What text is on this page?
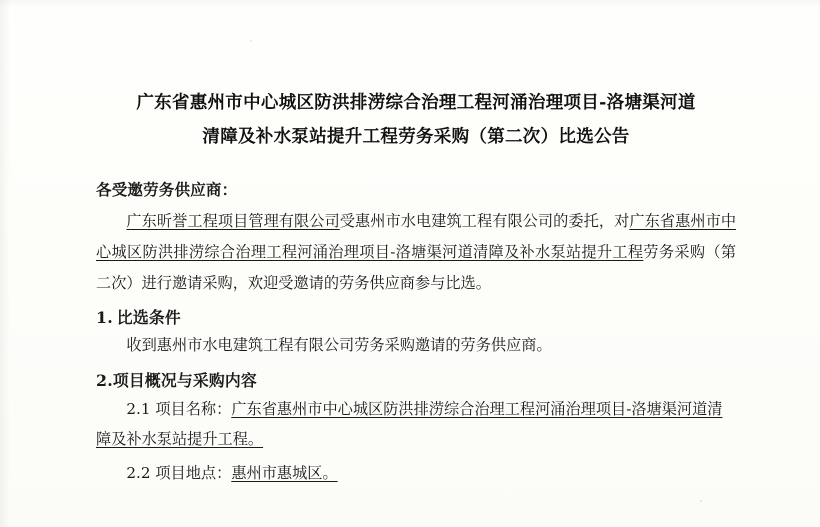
广东省惠州市中心城区防洪排涝综合治理工程河涌治理项目-洛塘渠河道
清障及补水泵站提升工程劳务采购（第二次）比选公告
各受邀劳务供应商：
广东昕誉工程项目管理有限公司受惠州市水电建筑工程有限公司的委托，对广东省惠州市中心城区防洪排涝综合治理工程河涌治理项目-洛塘渠河道清障及补水泵站提升工程劳务采购（第二次）进行邀请采购，欢迎受邀请的劳务供应商参与比选。
1. 比选条件
收到惠州市水电建筑工程有限公司劳务采购邀请的劳务供应商。
2.项目概况与采购内容
2.1 项目名称：广东省惠州市中心城区防洪排涝综合治理工程河涌治理项目-洛塘渠河道清障及补水泵站提升工程。
2.2 项目地点：惠州市惠城区。
